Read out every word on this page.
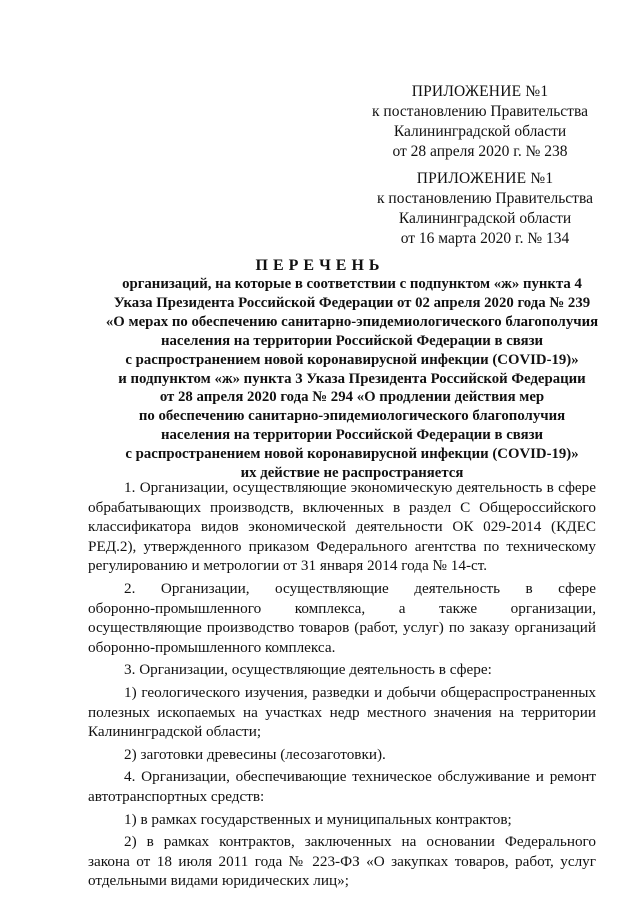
ПРИЛОЖЕНИЕ №1
к постановлению Правительства
Калининградской области
от 28 апреля 2020 г. № 238
ПРИЛОЖЕНИЕ №1
к постановлению Правительства
Калининградской области
от 16 марта 2020 г. № 134
ПЕРЕЧЕНЬ
организаций, на которые в соответствии с подпунктом «ж» пункта 4
Указа Президента Российской Федерации от 02 апреля 2020 года № 239
«О мерах по обеспечению санитарно-эпидемиологического благополучия
населения на территории Российской Федерации в связи
с распространением новой коронавирусной инфекции (COVID-19)»
и подпунктом «ж» пункта 3 Указа Президента Российской Федерации
от 28 апреля 2020 года № 294 «О продлении действия мер
по обеспечению санитарно-эпидемиологического благополучия
населения на территории Российской Федерации в связи
с распространением новой коронавирусной инфекции (COVID-19)»
их действие не распространяется
1. Организации, осуществляющие экономическую деятельность в сфере
обрабатывающих производств, включенных в раздел С Общероссийского
классификатора видов экономической деятельности ОК 029-2014 (КДЕС
РЕД.2), утвержденного приказом Федерального агентства по техническому
регулированию и метрологии от 31 января 2014 года № 14-ст.
2. Организации, осуществляющие деятельность в сфере
оборонно-промышленного комплекса, а также организации,
осуществляющие производство товаров (работ, услуг) по заказу организаций
оборонно-промышленного комплекса.
3. Организации, осуществляющие деятельность в сфере:
1) геологического изучения, разведки и добычи общераспространенных
полезных ископаемых на участках недр местного значения на территории
Калининградской области;
2) заготовки древесины (лесозаготовки).
4. Организации, обеспечивающие техническое обслуживание и ремонт
автотранспортных средств:
1) в рамках государственных и муниципальных контрактов;
2) в рамках контрактов, заключенных на основании Федерального
закона от 18 июля 2011 года № 223-ФЗ «О закупках товаров, работ, услуг
отдельными видами юридических лиц»;
